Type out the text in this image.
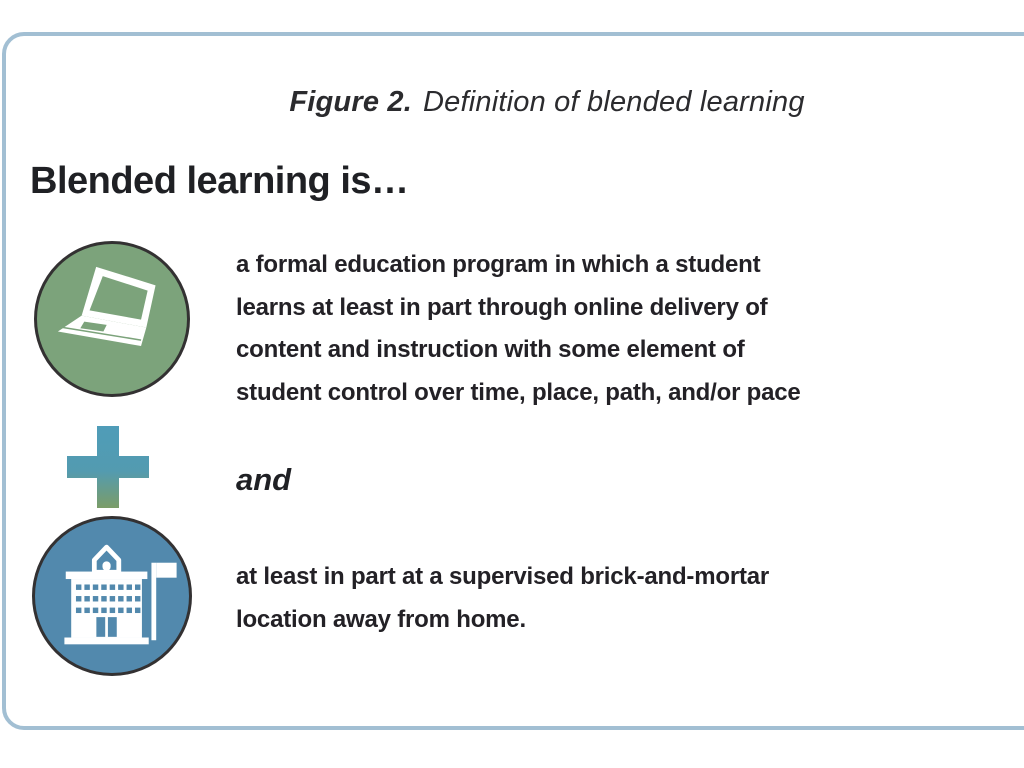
Figure 2. Definition of blended learning
Blended learning is…
a formal education program in which a student
learns at least in part through online delivery of
content and instruction with some element of
student control over time, place, path, and/or pace
and
at least in part at a supervised brick-and-mortar
location away from home.
